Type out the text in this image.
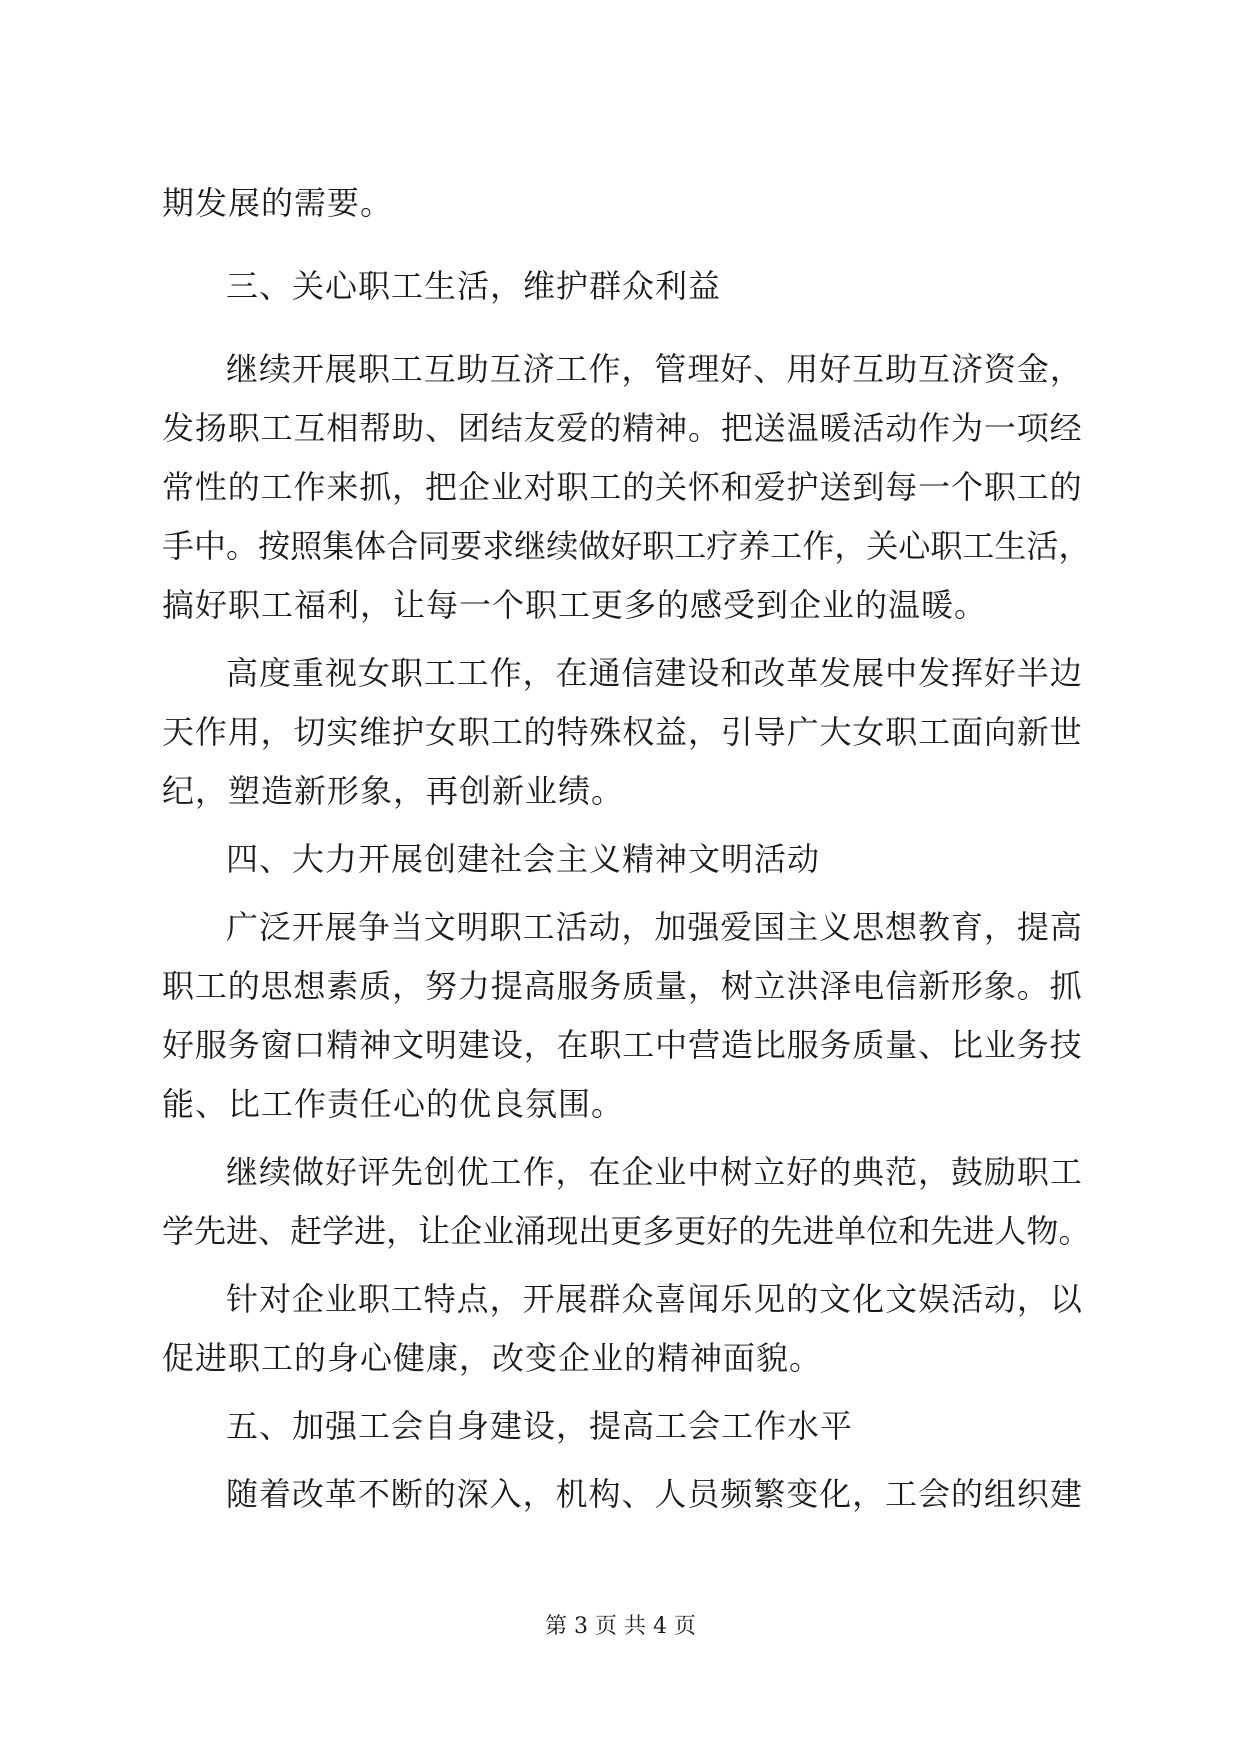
期发展的需要。
三、关心职工生活，维护群众利益
继 续 开 展 职 工 互 助 互 济 工 作 ， 管 理 好 、 用 好 互 助 互 济 资 金 ，
发 扬 职 工 互 相 帮 助 、 团 结 友 爱 的 精 神 。 把 送 温 暖 活 动 作 为 一 项 经
常 性 的 工 作 来 抓 ， 把 企 业 对 职 工 的 关 怀 和 爱 护 送 到 每 一 个 职 工 的
手 中 。 按 照 集 体 合 同 要 求 继 续 做 好 职 工 疗 养 工 作 ， 关 心 职 工 生 活 ，
搞好职工福利，让每一个职工更多的感受到企业的温暖。
高 度 重 视 女 职 工 工 作 ， 在 通 信 建 设 和 改 革 发 展 中 发 挥 好 半 边
天 作 用 ， 切 实 维 护 女 职 工 的 特 殊 权 益 ， 引 导 广 大 女 职 工 面 向 新 世
纪，塑造新形象，再创新业绩。
四、大力开展创建社会主义精神文明活动
广 泛 开 展 争 当 文 明 职 工 活 动 ， 加 强 爱 国 主 义 思 想 教 育 ， 提 高
职 工 的 思 想 素 质 ， 努 力 提 高 服 务 质 量 ， 树 立 洪 泽 电 信 新 形 象 。 抓
好 服 务 窗 口 精 神 文 明 建 设 ， 在 职 工 中 营 造 比 服 务 质 量 、 比 业 务 技
能、比工作责任心的优良氛围。
继 续 做 好 评 先 创 优 工 作 ， 在 企 业 中 树 立 好 的 典 范 ， 鼓 励 职 工
学 先 进 、 赶 学 进 ， 让 企 业 涌 现 出 更 多 更 好 的 先 进 单 位 和 先 进 人 物 。
针 对 企 业 职 工 特 点 ， 开 展 群 众 喜 闻 乐 见 的 文 化 文 娱 活 动 ， 以
促进职工的身心健康，改变企业的精神面貌。
五、加强工会自身建设，提高工会工作水平
随 着 改 革 不 断 的 深 入 ， 机 构 、 人 员 频 繁 变 化 ， 工 会 的 组 织 建
第 3 页 共 4 页
